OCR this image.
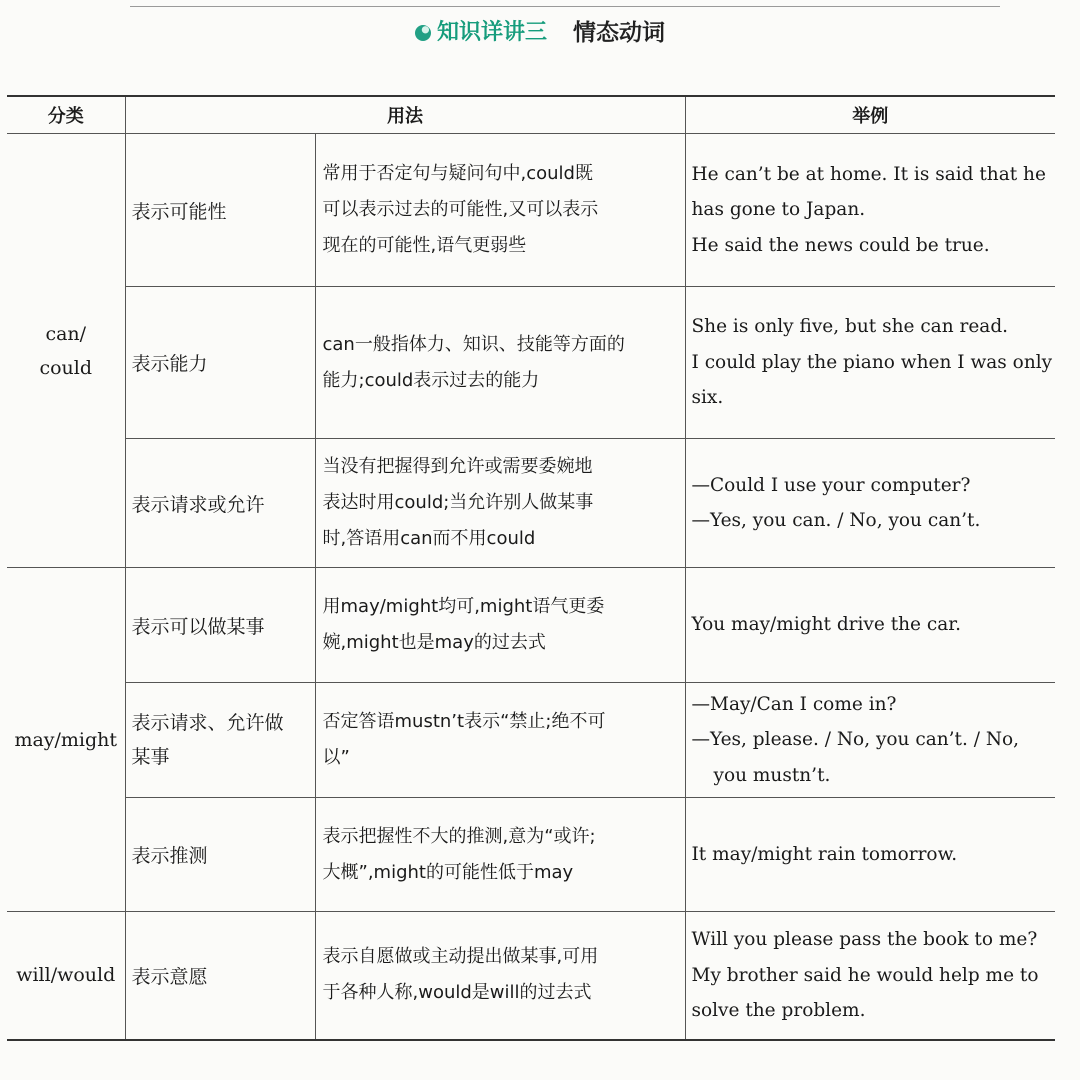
知识详讲三 情态动词
分类	用法		举例
can/
could	表示可能性	常用于否定句与疑问句中,could既
可以表示过去的可能性,又可以表示
现在的可能性,语气更弱些	He can’t be at home. It is said that he
has gone to Japan.
He said the news could be true.

	表示能力	can一般指体力、知识、技能等方面的
能力;could表示过去的能力	She is only five, but she can read.
I could play the piano when I was only
six.

	表示请求或允许	当没有把握得到允许或需要委婉地
表达时用could;当允许别人做某事
时,答语用can而不用could	—Could I use your computer?
—Yes, you can. / No, you can’t.

may/might	表示可以做某事	用may/might均可,might语气更委
婉,might也是may的过去式	You may/might drive the car.

	表示请求、允许做
某事	否定答语mustn’t表示“禁止;绝不可
以”	—May/Can I come in?
—Yes, please. / No, you can’t. / No,
you mustn’t.

	表示推测	表示把握性不大的推测,意为“或许;
大概”,might的可能性低于may	It may/might rain tomorrow.

will/would	表示意愿	表示自愿做或主动提出做某事,可用
于各种人称,would是will的过去式	Will you please pass the book to me?
My brother said he would help me to
solve the problem.
